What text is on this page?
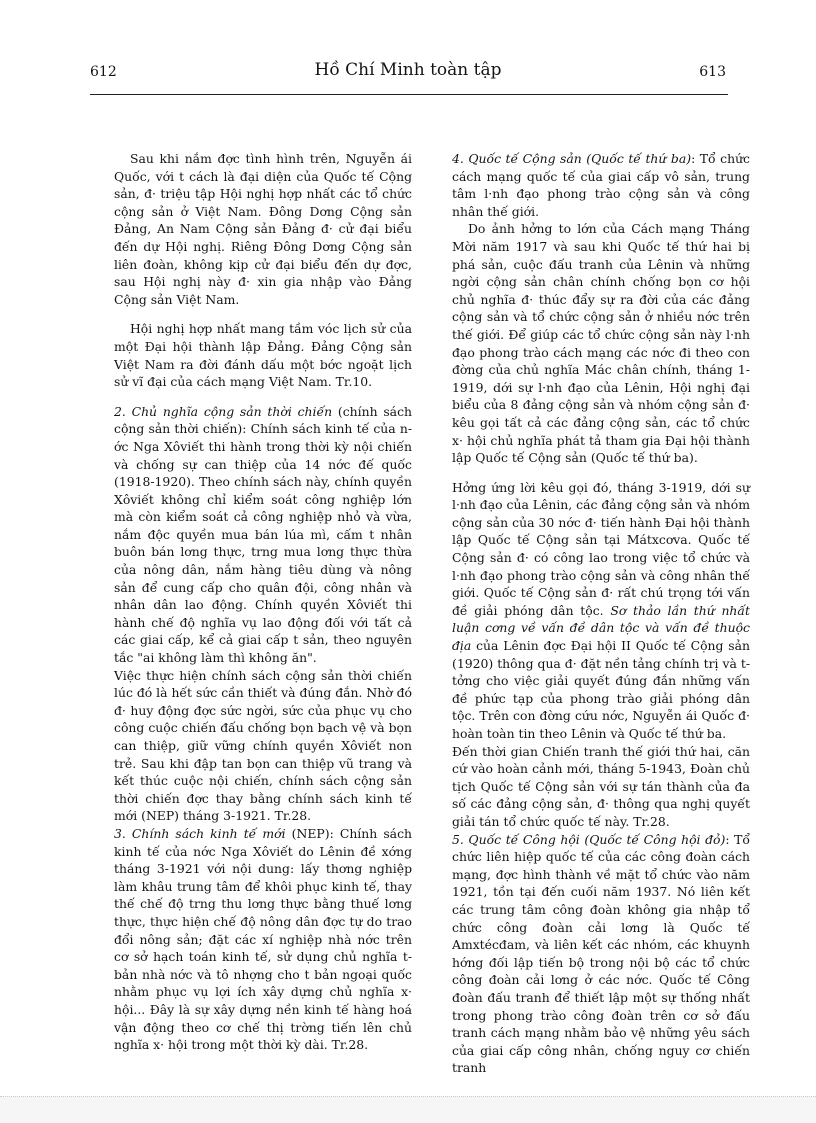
612	Hồ Chí Minh toàn tập	613

Sau khi nắm đợc tình hình trên, Nguyễn ái Quốc, với t cách là đại diện của Quốc tế Cộng sản, đ· triệu tập Hội nghị hợp nhất các tổ chức cộng sản ở Việt Nam. Đông Dơng Cộng sản Đảng, An Nam Cộng sản Đảng đ· cử đại biểu đến dự Hội nghị. Riêng Đông Dơng Cộng sản liên đoàn, không kịp cử đại biểu đến dự đợc, sau Hội nghị này đ· xin gia nhập vào Đảng Cộng sản Việt Nam.

Hội nghị hợp nhất mang tầm vóc lịch sử của một Đại hội thành lập Đảng. Đảng Cộng sản Việt Nam ra đời đánh dấu một bớc ngoặt lịch sử vĩ đại của cách mạng Việt Nam. Tr.10.

2. Chủ nghĩa cộng sản thời chiến (chính sách cộng sản thời chiến): Chính sách kinh tế của nớc Nga Xôviết thi hành trong thời kỳ nội chiến và chống sự can thiệp của 14 nớc đế quốc (1918-1920). Theo chính sách này, chính quyền Xôviết không chỉ kiểm soát công nghiệp lớn mà còn kiểm soát cả công nghiệp nhỏ và vừa, nắm độc quyền mua bán lúa mì, cấm t nhân buôn bán lơng thực, trng mua lơng thực thừa của nông dân, nắm hàng tiêu dùng và nông sản để cung cấp cho quân đội, công nhân và nhân dân lao động. Chính quyền Xôviết thi hành chế độ nghĩa vụ lao động đối với tất cả các giai cấp, kể cả giai cấp t sản, theo nguyên tắc "ai không làm thì không ăn".

Việc thực hiện chính sách cộng sản thời chiến lúc đó là hết sức cần thiết và đúng đắn. Nhờ đó đ· huy động đợc sức ngời, sức của phục vụ cho công cuộc chiến đấu chống bọn bạch vệ và bọn can thiệp, giữ vững chính quyền Xôviết non trẻ. Sau khi đập tan bọn can thiệp vũ trang và kết thúc cuộc nội chiến, chính sách cộng sản thời chiến đợc thay bằng chính sách kinh tế mới (NEP) tháng 3-1921. Tr.28.

3. Chính sách kinh tế mới (NEP): Chính sách kinh tế của nớc Nga Xôviết do Lênin đề xớng tháng 3-1921 với nội dung: lấy thơng nghiệp làm khâu trung tâm để khôi phục kinh tế, thay thế chế độ trng thu lơng thực bằng thuế lơng thực, thực hiện chế độ nông dân đợc tự do trao đổi nông sản; đặt các xí nghiệp nhà nớc trên cơ sở hạch toán kinh tế, sử dụng chủ nghĩa t bản nhà nớc và tô nhợng cho t bản ngoại quốc nhằm phục vụ lợi ích xây dựng chủ nghĩa x· hội... Đây là sự xây dựng nền kinh tế hàng hoá vận động theo cơ chế thị trờng tiến lên chủ nghĩa x· hội trong một thời kỳ dài. Tr.28.

4. Quốc tế Cộng sản (Quốc tế thứ ba): Tổ chức cách mạng quốc tế của giai cấp vô sản, trung tâm l·nh đạo phong trào cộng sản và công nhân thế giới.

Do ảnh hởng to lớn của Cách mạng Tháng Mời năm 1917 và sau khi Quốc tế thứ hai bị phá sản, cuộc đấu tranh của Lênin và những ngời cộng sản chân chính chống bọn cơ hội chủ nghĩa đ· thúc đẩy sự ra đời của các đảng cộng sản và tổ chức cộng sản ở nhiều nớc trên thế giới. Để giúp các tổ chức cộng sản này l·nh đạo phong trào cách mạng các nớc đi theo con đờng của chủ nghĩa Mác chân chính, tháng 1-1919, dới sự l·nh đạo của Lênin, Hội nghị đại biểu của 8 đảng cộng sản và nhóm cộng sản đ· kêu gọi tất cả các đảng cộng sản, các tổ chức x· hội chủ nghĩa phát tả tham gia Đại hội thành lập Quốc tế Cộng sản (Quốc tế thứ ba).

Hởng ứng lời kêu gọi đó, tháng 3-1919, dới sự l·nh đạo của Lênin, các đảng cộng sản và nhóm cộng sản của 30 nớc đ· tiến hành Đại hội thành lập Quốc tế Cộng sản tại Mátxcơva. Quốc tế Cộng sản đ· có công lao trong việc tổ chức và l·nh đạo phong trào cộng sản và công nhân thế giới. Quốc tế Cộng sản đ· rất chú trọng tới vấn đề giải phóng dân tộc. Sơ thảo lần thứ nhất luận cơng về vấn đề dân tộc và vấn đề thuộc địa của Lênin đợc Đại hội II Quốc tế Cộng sản (1920) thông qua đ· đặt nền tảng chính trị và t tởng cho việc giải quyết đúng đắn những vấn đề phức tạp của phong trào giải phóng dân tộc. Trên con đờng cứu nớc, Nguyễn ái Quốc đ· hoàn toàn tin theo Lênin và Quốc tế thứ ba.

Đến thời gian Chiến tranh thế giới thứ hai, căn cứ vào hoàn cảnh mới, tháng 5-1943, Đoàn chủ tịch Quốc tế Cộng sản với sự tán thành của đa số các đảng cộng sản, đ· thông qua nghị quyết giải tán tổ chức quốc tế này. Tr.28.

5. Quốc tế Công hội (Quốc tế Công hội đỏ): Tổ chức liên hiệp quốc tế của các công đoàn cách mạng, đợc hình thành về mặt tổ chức vào năm 1921, tồn tại đến cuối năm 1937. Nó liên kết các trung tâm công đoàn không gia nhập tổ chức công đoàn cải lơng là Quốc tế Amxtécđam, và liên kết các nhóm, các khuynh hớng đối lập tiến bộ trong nội bộ các tổ chức công đoàn cải lơng ở các nớc. Quốc tế Công đoàn đấu tranh để thiết lập một sự thống nhất trong phong trào công đoàn trên cơ sở đấu tranh cách mạng nhằm bảo vệ những yêu sách của giai cấp công nhân, chống nguy cơ chiến tranh
